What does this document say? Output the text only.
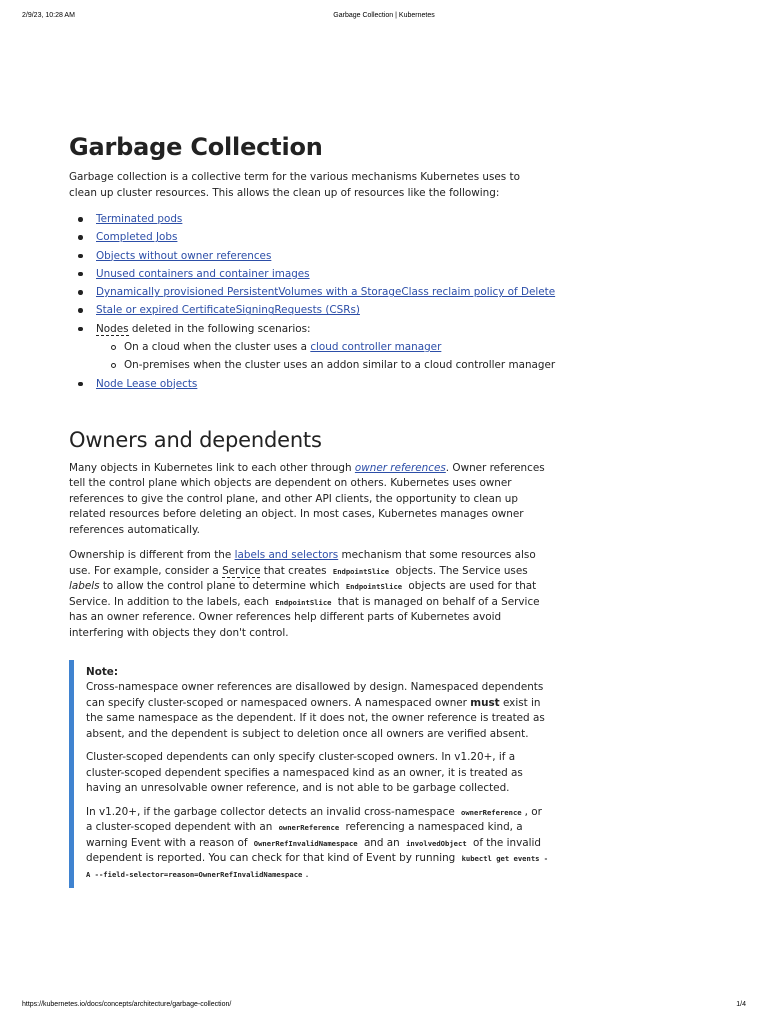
2/9/23, 10:28 AM	Garbage Collection | Kubernetes
Garbage Collection

Garbage collection is a collective term for the various mechanisms Kubernetes uses to clean up cluster resources. This allows the clean up of resources like the following:

Terminated pods
Completed Jobs
Objects without owner references
Unused containers and container images
Dynamically provisioned PersistentVolumes with a StorageClass reclaim policy of Delete
Stale or expired CertificateSigningRequests (CSRs)
Nodes deleted in the following scenarios:
On a cloud when the cluster uses a cloud controller manager
On-premises when the cluster uses an addon similar to a cloud controller manager
Node Lease objects
Owners and dependents

Many objects in Kubernetes link to each other through owner references. Owner references tell the control plane which objects are dependent on others. Kubernetes uses owner references to give the control plane, and other API clients, the opportunity to clean up related resources before deleting an object. In most cases, Kubernetes manages owner references automatically.

Ownership is different from the labels and selectors mechanism that some resources also use. For example, consider a Service that creates EndpointSlice objects. The Service uses labels to allow the control plane to determine which EndpointSlice objects are used for that Service. In addition to the labels, each EndpointSlice that is managed on behalf of a Service has an owner reference. Owner references help different parts of Kubernetes avoid interfering with objects they don't control.

Note:

Cross-namespace owner references are disallowed by design. Namespaced dependents can specify cluster-scoped or namespaced owners. A namespaced owner must exist in the same namespace as the dependent. If it does not, the owner reference is treated as absent, and the dependent is subject to deletion once all owners are verified absent.

Cluster-scoped dependents can only specify cluster-scoped owners. In v1.20+, if a cluster-scoped dependent specifies a namespaced kind as an owner, it is treated as having an unresolvable owner reference, and is not able to be garbage collected.

In v1.20+, if the garbage collector detects an invalid cross-namespace ownerReference , or a cluster-scoped dependent with an ownerReference referencing a namespaced kind, a warning Event with a reason of OwnerRefInvalidNamespace and an involvedObject of the invalid dependent is reported. You can check for that kind of Event by running kubectl get events -A --field-selector=reason=OwnerRefInvalidNamespace .

https://kubernetes.io/docs/concepts/architecture/garbage-collection/	1/4
